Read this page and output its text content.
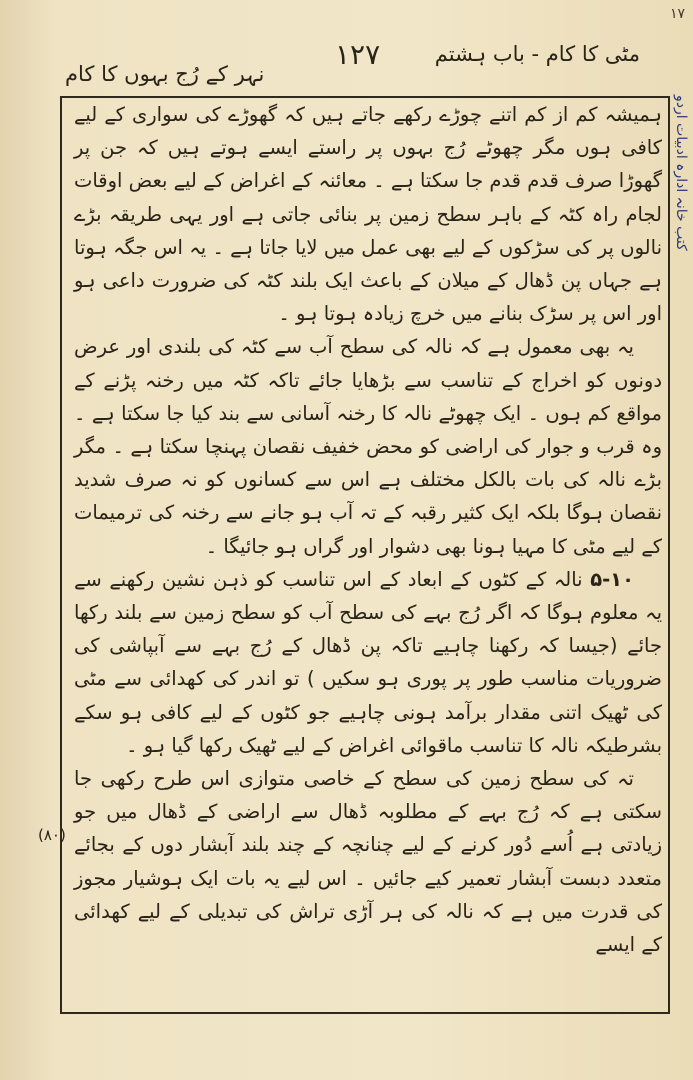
۱۷
کتب خانہ ادارہ ادبیات اردو
مٹی کا کام - باب ہشتم
۱۲۷
نہر کے رُج بہوں کا کام
(۸۰)

ہمیشہ کم از کم اتنے چوڑے رکھے جاتے ہیں کہ گھوڑے کی سواری کے لیے کافی ہوں مگر چھوٹے رُج بہوں پر راستے ایسے ہوتے ہیں کہ جن پر گھوڑا صرف قدم قدم جا سکتا ہے ۔ معائنہ کے اغراض کے لیے بعض اوقات لجام راہ کٹہ کے باہر سطح زمین پر بنائی جاتی ہے اور یہی طریقہ بڑے نالوں پر کی سڑکوں کے لیے بھی عمل میں لایا جاتا ہے ۔ یہ اس جگہ ہوتا ہے جہاں پن ڈھال کے میلان کے باعث ایک بلند کٹہ کی ضرورت داعی ہو اور اس پر سڑک بنانے میں خرچ زیادہ ہوتا ہو ۔

یہ بھی معمول ہے کہ نالہ کی سطح آب سے کٹہ کی بلندی اور عرض دونوں کو اخراج کے تناسب سے بڑھایا جائے تاکہ کٹہ میں رخنہ پڑنے کے مواقع کم ہوں ۔ ایک چھوٹے نالہ کا رخنہ آسانی سے بند کیا جا سکتا ہے ۔ وہ قرب و جوار کی اراضی کو محض خفیف نقصان پہنچا سکتا ہے ۔ مگر بڑے نالہ کی بات بالکل مختلف ہے اس سے کسانوں کو نہ صرف شدید نقصان ہوگا بلکہ ایک کثیر رقبہ کے تہ آب ہو جانے سے رخنہ کی ترمیمات کے لیے مٹی کا مہیا ہونا بھی دشوار اور گراں ہو جائیگا ۔

۵-۱۰ نالہ کے کٹوں کے ابعاد کے اس تناسب کو ذہن نشین رکھنے سے یہ معلوم ہوگا کہ اگر رُج بہے کی سطح آب کو سطح زمین سے بلند رکھا جائے (جیسا کہ رکھنا چاہیے تاکہ پن ڈھال کے رُج بہے سے آبپاشی کی ضروریات مناسب طور پر پوری ہو سکیں ) تو اندر کی کھدائی سے مٹی کی ٹھیک اتنی مقدار برآمد ہونی چاہیے جو کٹوں کے لیے کافی ہو سکے بشرطیکہ نالہ کا تناسب ماقوائی اغراض کے لیے ٹھیک رکھا گیا ہو ۔

تہ کی سطح زمین کی سطح کے خاصی متوازی اس طرح رکھی جا سکتی ہے کہ رُج بہے کے مطلوبہ ڈھال سے اراضی کے ڈھال میں جو زیادتی ہے اُسے دُور کرنے کے لیے چنانچہ کے چند بلند آبشار دوں کے بجائے متعدد دبست آبشار تعمیر کیے جائیں ۔ اس لیے یہ بات ایک ہوشیار مجوز کی قدرت میں ہے کہ نالہ کی ہر آڑی تراش کی تبدیلی کے لیے کھدائی کے ایسے
